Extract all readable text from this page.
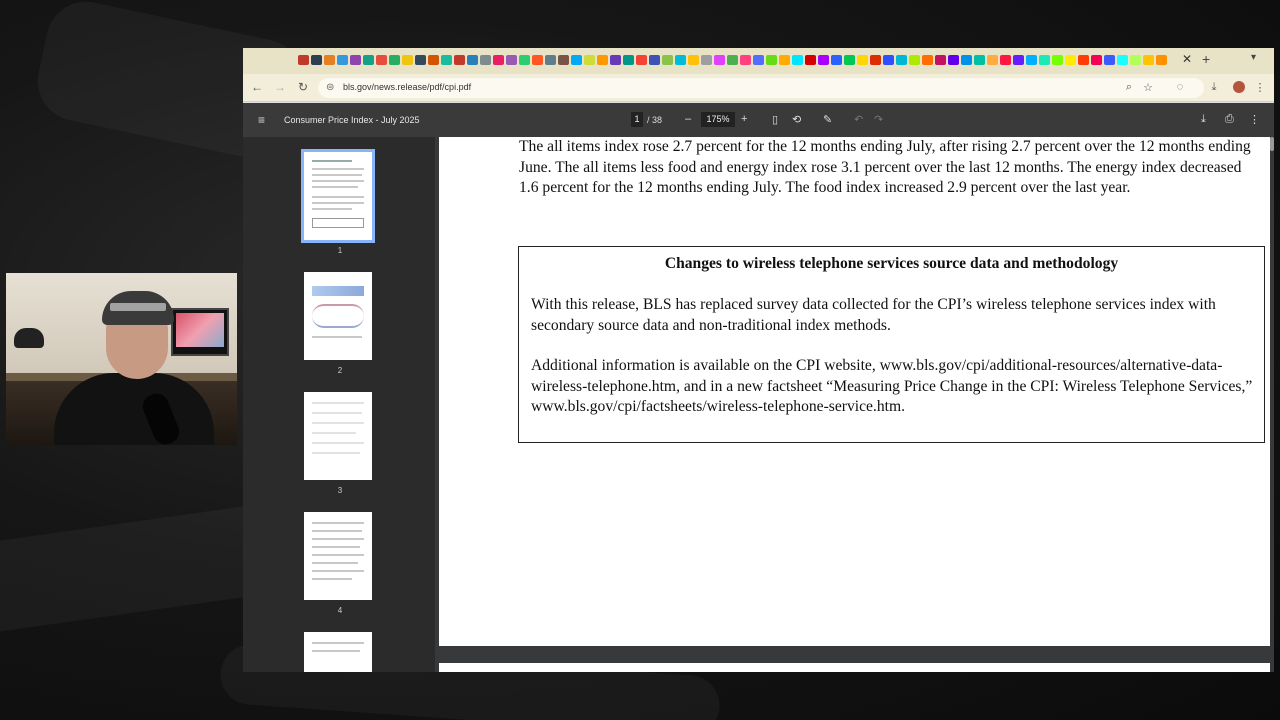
✕ +	▾
← → ↻ ⊜ bls.gov/news.release/pdf/cpi.pdf	⌕ ☆	◌	⤓	⋮
≡ Consumer Price Index - July 2025	1 / 38 –	175%	+ ▯ ⟲ ✎ ↶ ↷	⤓ ⎙ ⋮
1
2
3
4
The all items index rose 2.7 percent for the 12 months ending July, after rising 2.7 percent over the 12 months ending June. The all items less food and energy index rose 3.1 percent over the last 12 months. The energy index decreased 1.6 percent for the 12 months ending July. The food index increased 2.9 percent over the last year.
Changes to wireless telephone services source data and methodology
With this release, BLS has replaced survey data collected for the CPI’s wireless telephone services index with secondary source data and non-traditional index methods.
Additional information is available on the CPI website, www.bls.gov/cpi/additional-resources/alternative-data-wireless-telephone.htm, and in a new factsheet “Measuring Price Change in the CPI: Wireless Telephone Services,” www.bls.gov/cpi/factsheets/wireless-telephone-service.htm.
